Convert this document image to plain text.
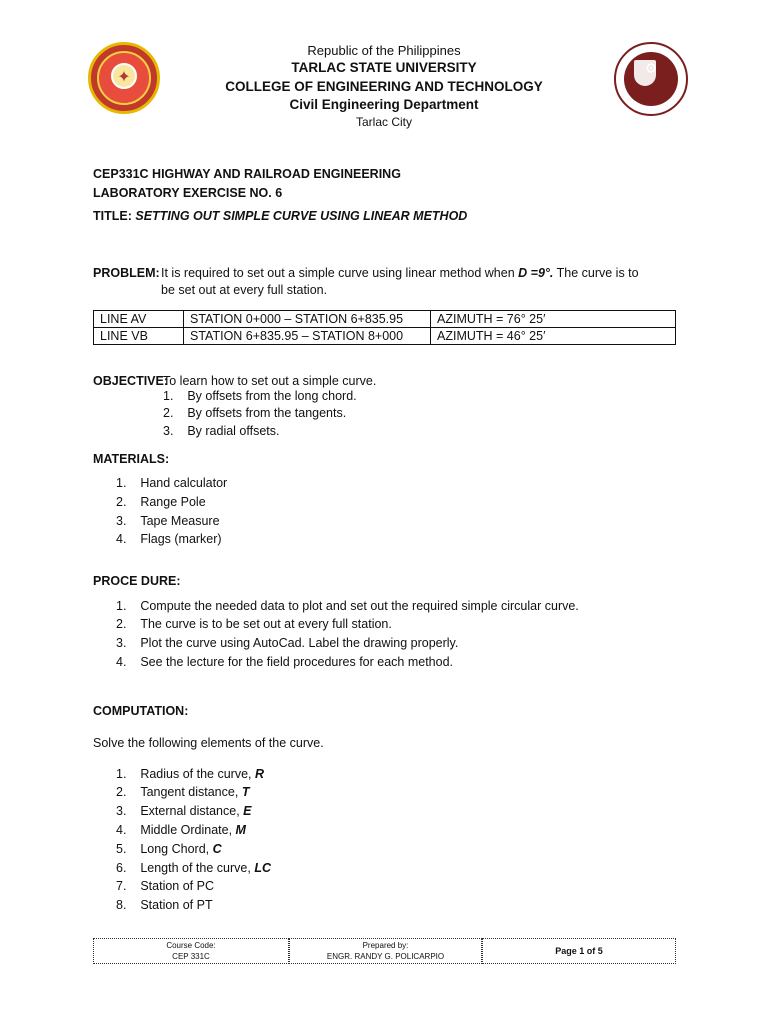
✦
⚙
Republic of the Philippines
TARLAC STATE UNIVERSITY
COLLEGE OF ENGINEERING AND TECHNOLOGY
Civil Engineering Department
Tarlac City
CEP331C HIGHWAY AND RAILROAD ENGINEERING
LABORATORY EXERCISE NO. 6
TITLE: SETTING OUT SIMPLE CURVE USING LINEAR METHOD
PROBLEM: It is required to set out a simple curve using linear method when D =9°. The curve is to
be set out at every full station.
LINE AV	STATION 0+000 – STATION 6+835.95	AZIMUTH = 76° 25′
LINE VB	STATION 6+835.95 – STATION 8+000	AZIMUTH = 46° 25′
OBJECTIVE:
To learn how to set out a simple curve.
1.    By offsets from the long chord.
2.    By offsets from the tangents.
3.    By radial offsets.
MATERIALS:
1.    Hand calculator
2.    Range Pole
3.    Tape Measure
4.    Flags (marker)
PROCE DURE:
1.    Compute the needed data to plot and set out the required simple circular curve.
2.    The curve is to be set out at every full station.
3.    Plot the curve using AutoCad. Label the drawing properly.
4.    See the lecture for the field procedures for each method.
COMPUTATION:
Solve the following elements of the curve.
1.    Radius of the curve, R
2.    Tangent distance, T
3.    External distance, E
4.    Middle Ordinate, M
5.    Long Chord, C
6.    Length of the curve, LC
7.    Station of PC
8.    Station of PT
Course Code:
CEP 331C
Prepared by:
ENGR. RANDY G. POLICARPIO
Page 1 of 5
